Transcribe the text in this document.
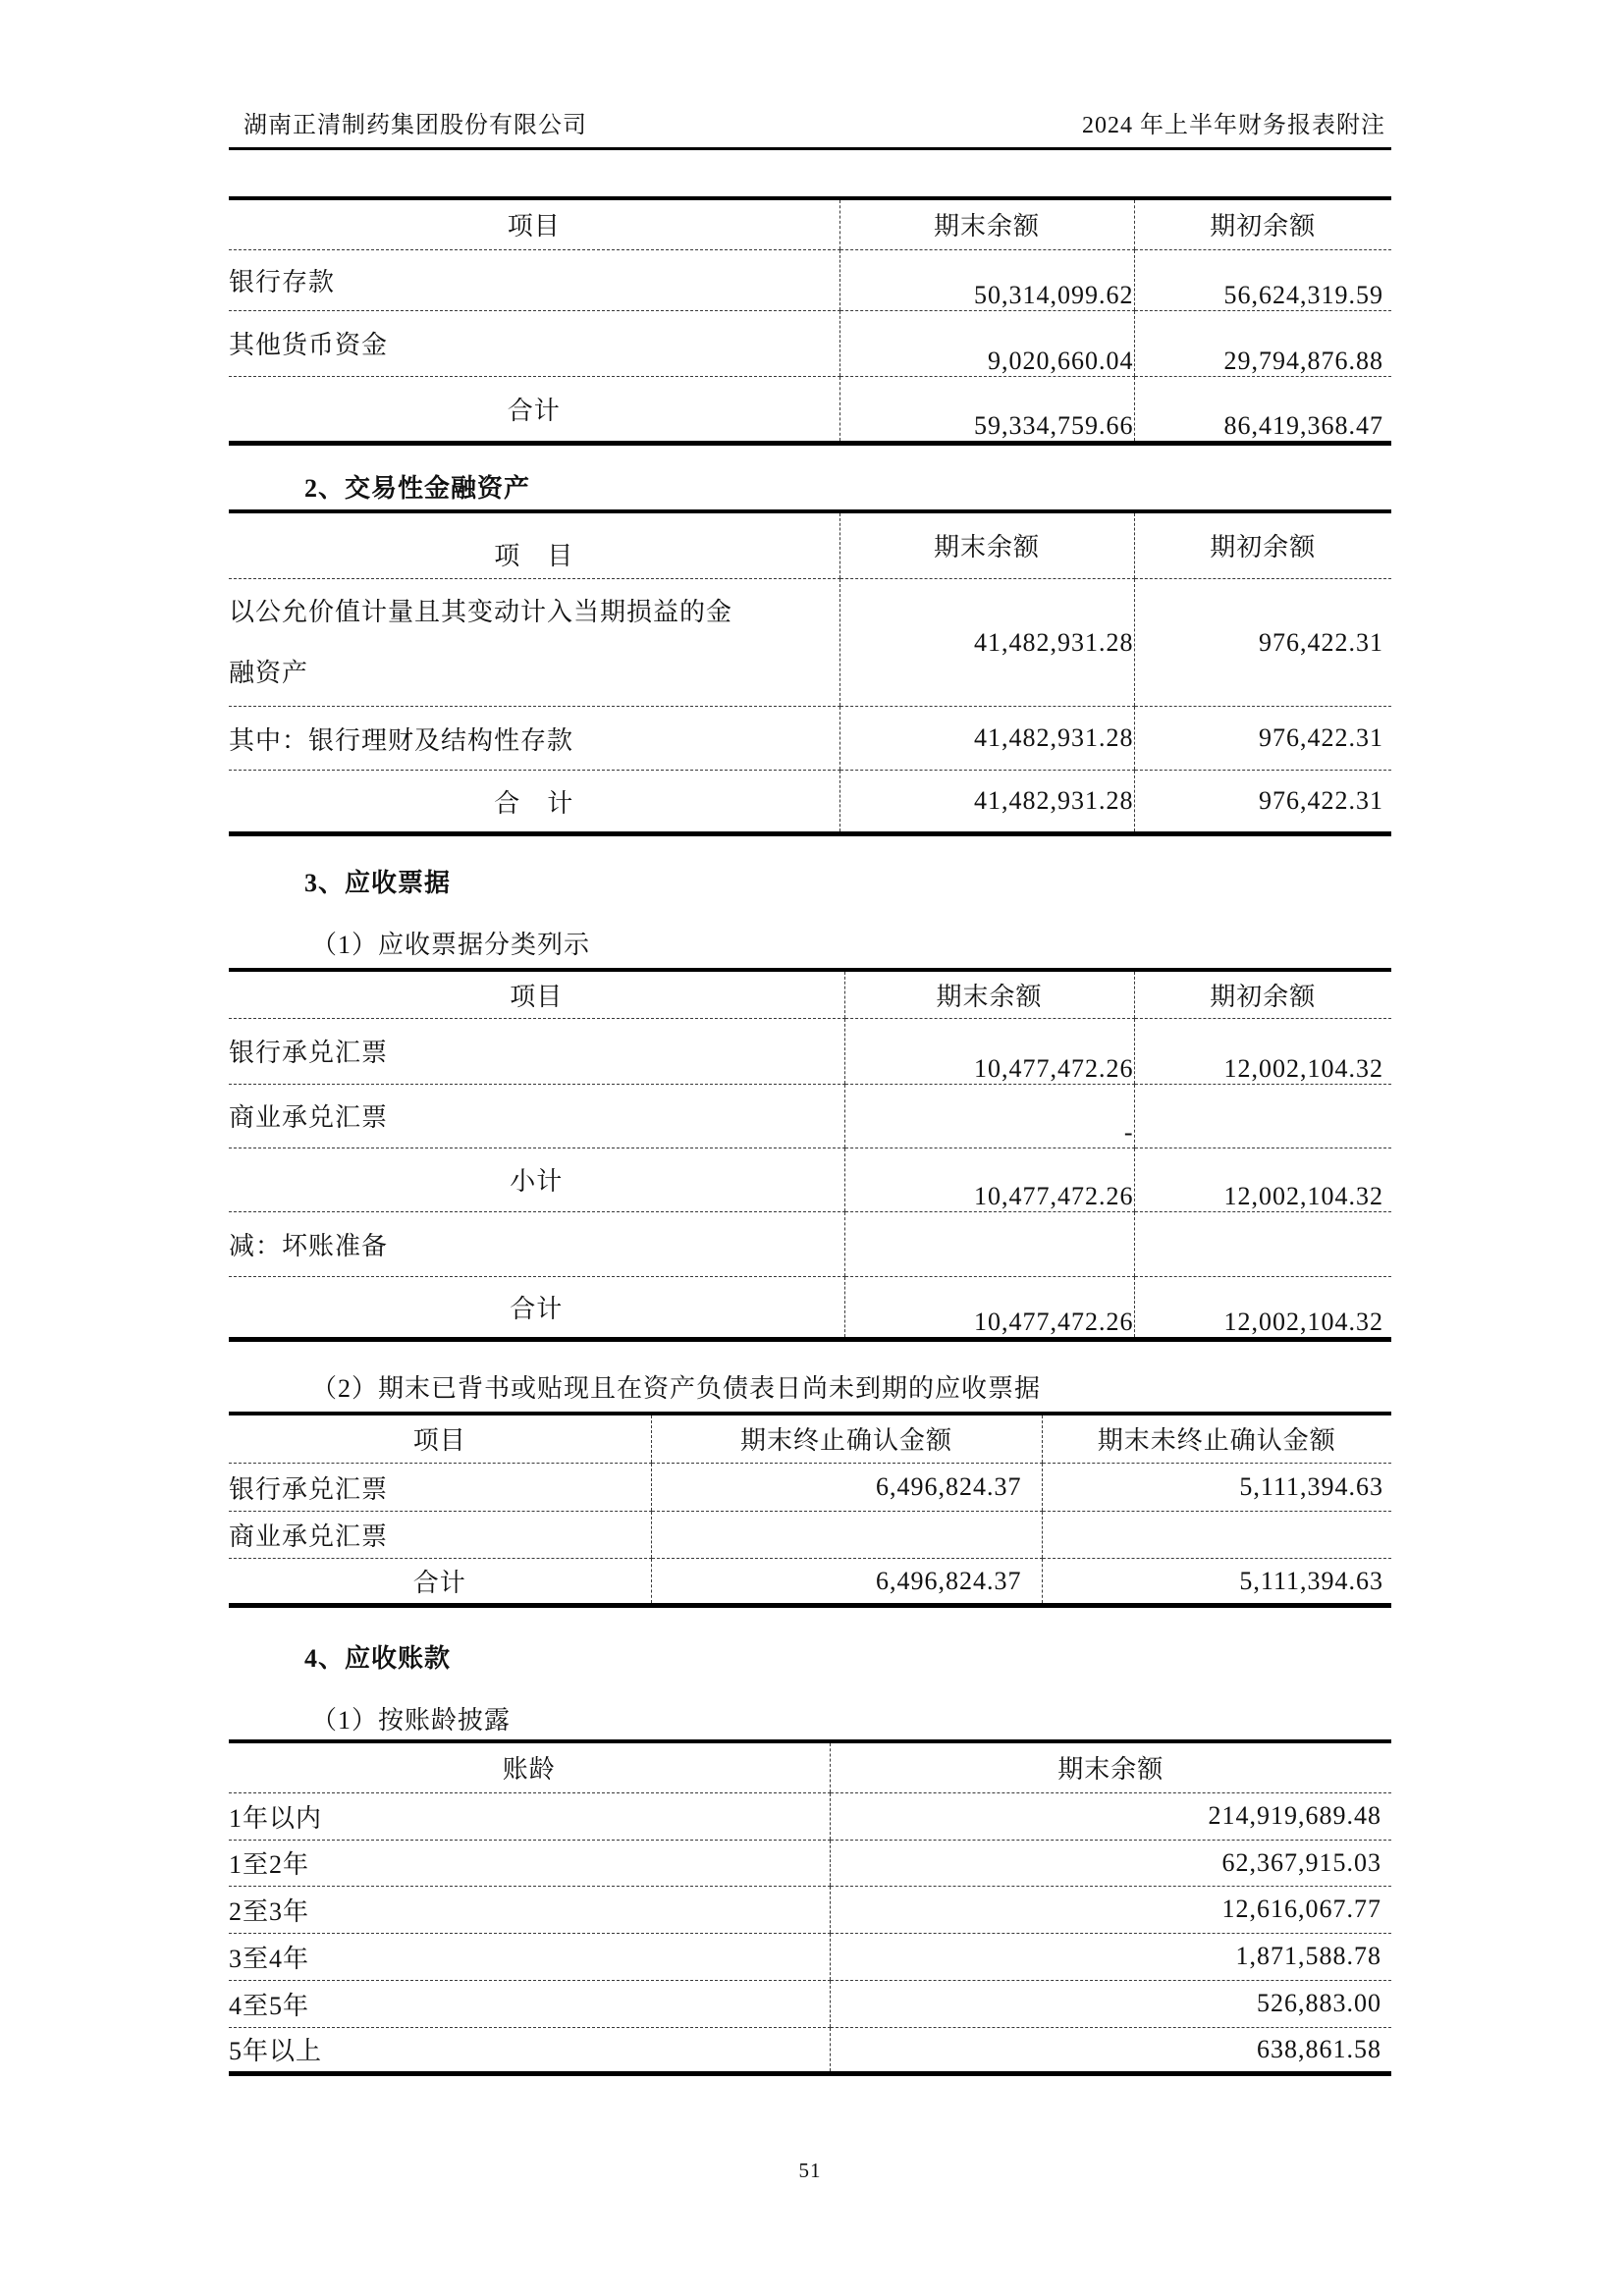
湖南正清制药集团股份有限公司	2024 年上半年财务报表附注
项目	期末余额	期初余额
银行存款	50,314,099.62	56,624,319.59
其他货币资金	9,020,660.04	29,794,876.88
合计	59,334,759.66	86,419,368.47
2、交易性金融资产
项　目	期末余额	期初余额
以公允价值计量且其变动计入当期损益的金融资产	41,482,931.28	976,422.31
其中：银行理财及结构性存款	41,482,931.28	976,422.31
合　计	41,482,931.28	976,422.31
3、应收票据
（1）应收票据分类列示
项目	期末余额	期初余额
银行承兑汇票	10,477,472.26	12,002,104.32
商业承兑汇票	-	
小计	10,477,472.26	12,002,104.32
减：坏账准备		
合计	10,477,472.26	12,002,104.32
（2）期末已背书或贴现且在资产负债表日尚未到期的应收票据
项目	期末终止确认金额	期末未终止确认金额
银行承兑汇票	6,496,824.37	5,111,394.63
商业承兑汇票		
合计	6,496,824.37	5,111,394.63
4、应收账款
（1）按账龄披露
账龄	期末余额
1年以内	214,919,689.48
1至2年	62,367,915.03
2至3年	12,616,067.77
3至4年	1,871,588.78
4至5年	526,883.00
5年以上	638,861.58
51
